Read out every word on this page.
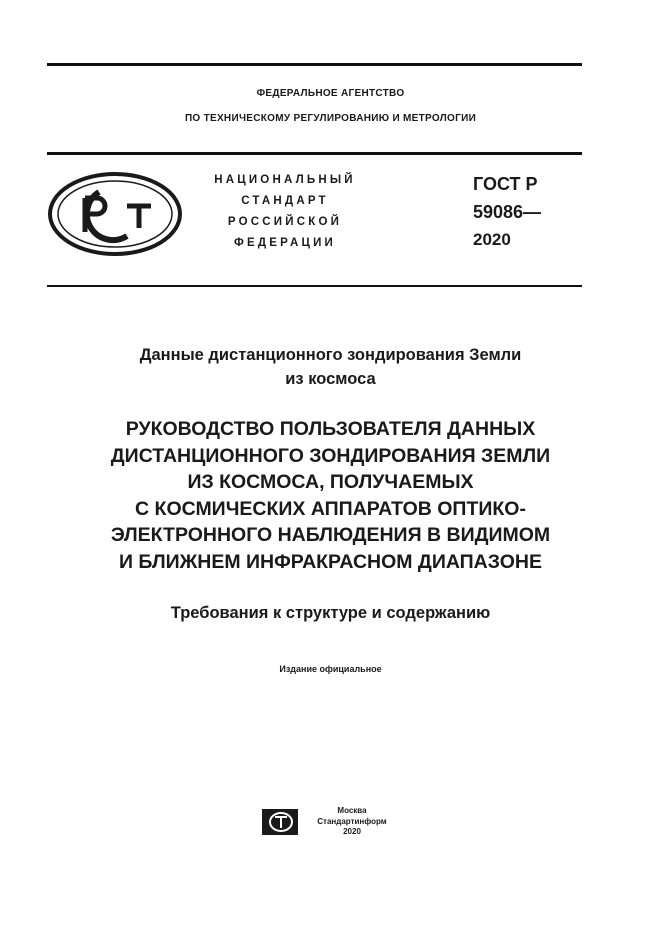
ФЕДЕРАЛЬНОЕ АГЕНТСТВО
ПО ТЕХНИЧЕСКОМУ РЕГУЛИРОВАНИЮ И МЕТРОЛОГИИ
НАЦИОНАЛЬНЫЙ
СТАНДАРТ
РОССИЙСКОЙ
ФЕДЕРАЦИИ
ГОСТ Р
59086—
2020
Данные дистанционного зондирования Земли
из космоса
РУКОВОДСТВО ПОЛЬЗОВАТЕЛЯ ДАННЫХ
ДИСТАНЦИОННОГО ЗОНДИРОВАНИЯ ЗЕМЛИ
ИЗ КОСМОСА, ПОЛУЧАЕМЫХ
С КОСМИЧЕСКИХ АППАРАТОВ ОПТИКО-
ЭЛЕКТРОННОГО НАБЛЮДЕНИЯ В ВИДИМОМ
И БЛИЖНЕМ ИНФРАКРАСНОМ ДИАПАЗОНЕ
Требования к структуре и содержанию
Издание официальное
Москва
Стандартинформ
2020
